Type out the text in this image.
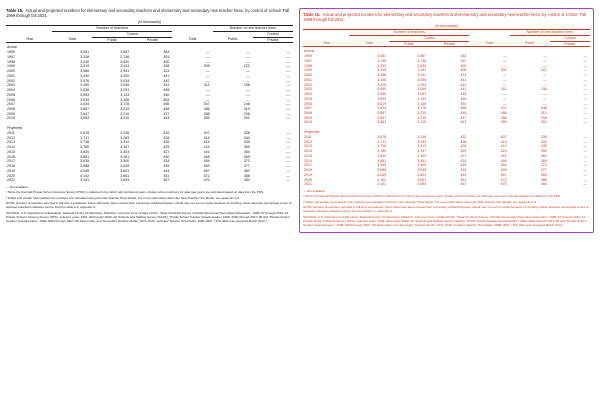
Table 15. Actual and projected numbers for elementary and secondary teachers and elementary and secondary new teacher hires, by control of school: Fall 1999 through fall 2021
[In thousands]
	Number of teachers				Number of new teacher hires	
		Control				Control
Year	Total	Public	Private	Total	Public	Private
Actual						
1999	3,051	2,667	384	—	—	—
1997	3,138	2,746	391	—	—	—
1998	3,230	2,830	400	—	—	—
1999	3,319	2,911	408	305	222	—
2000	3,366	2,941	424	—	—	—
2001	3,440	3,000	441	—	—	—
2002	3,476	3,034	442	—	—	—
2003	3,490	3,049	441	311	238	—
2004	3,536	3,091	445	—	—	—
2005	3,593	3,143	450	—	—	—
2006	3,619	3,166	453	—	—	—
2007	3,634	3,178	456	307	248	—
2008	3,667	3,219	448	386	310	—
2009	3,647	3,210	437	358	298	—
2010	3,653	3,210	443	365	301	—

Projected						
2011	3,678	3,246	432	407	338	—
2012	3,711	3,283	428	416	344	—
2013	3,738	3,312	426	414	345	—
2014	3,780	3,347	425	424	359	—
2015	3,830	3,403	427	441	364	—
2016	3,881	3,451	430	448	369	—
2017	3,935	3,500	434	454	373	—
2018	3,988	3,549	439	459	377	—
2019	4,045	3,601	444	467	383	—
2020	4,102	3,651	451	472	386	—
2021	4,151	3,694	457	470	384	—

— Not available.

¹ Since the biennial Private School Universe Survey (PSS) is collected in the fall of odd-numbered years, private school numbers for alternate years are estimated based on data from the PSS.

² Public and private new teacher hire numbers are estimated using the New Teacher Hires Model. For more information about the New Teacher Hire Model, see appendix A.3.

NOTE: Number of teachers reported in full-time equivalents. Some data have been revised from previously published figures. Detail may not sum to totals because of rounding. Mean absolute percentage errors of selected education statistics can be found in table A-2, appendix A.

SOURCE: U.S. Department of Education, National Center for Education Statistics, Common Core of Data (CCD), "State Nonfiscal Survey of Public Elementary/Secondary Education," 1998–97 through 2010–11; Private School Universe Survey (PSS), selected years, 1991–99 through 2009–10; Schools and Staffing Survey (SASS), "Public School Teacher Questionnaire," 1999–2000 through 2007–08 and "Private School Teacher Questionnaire," 1999–2000 through 2007–08; Elementary and Secondary Teacher Model, 1973–2010; and New Teacher Hire Model, 1988–2007. (This table was prepared March 2012.)

Table 15. Actual and projected numbers for elementary and secondary teachers and elementary and secondary new teacher hires, by control of school: Fall 1999 through fall 2021
[In thousands]
	Number of teachers				Number of new teacher hires	
		Control				Control
Year	Total	Public	Private	Total	Public	Private
Actual						
1999	3,051	2,667	384	—	—	—
1997	3,138	2,746	391	—	—	—
1998	3,230	2,830	400	—	—	—
1999	3,319	2,911	408	305	222	—
2000	3,366	2,941	424	—	—	—
2001	3,440	3,000	441	—	—	—
2002	3,476	3,034	442	—	—	—
2003	3,490	3,049	441	311	238	—
2004	3,536	3,091	445	—	—	—
2005	3,593	3,143	450	—	—	—
2006	3,619	3,166	453	—	—	—
2007	3,634	3,178	456	307	248	—
2008	3,667	3,219	448	386	310	—
2009	3,647	3,210	437	358	298	—
2010	3,653	3,210	443	365	301	—

Projected						
2011	3,678	3,246	432	407	338	—
2012	3,711	3,283	428	416	344	—
2013	3,738	3,312	426	414	345	—
2014	3,780	3,347	425	424	359	—
2015	3,830	3,403	427	441	364	—
2016	3,881	3,451	430	448	369	—
2017	3,935	3,500	434	454	373	—
2018	3,988	3,549	439	459	377	—
2019	4,045	3,601	444	467	383	—
2020	4,102	3,651	451	472	386	—
2021	4,151	3,694	457	470	384	—

— Not available.

¹ Since the biennial Private School Universe Survey (PSS) is collected in the fall of odd-numbered years, private school numbers for alternate years are estimated based on data from the PSS.

² Public and private new teacher hire numbers are estimated using the New Teacher Hires Model. For more information about the New Teacher Hire Model, see appendix A.3.

NOTE: Number of teachers reported in full-time equivalents. Some data have been revised from previously published figures. Detail may not sum to totals because of rounding. Mean absolute percentage errors of selected education statistics can be found in table A-2, appendix A.

SOURCE: U.S. Department of Education, National Center for Education Statistics, Common Core of Data (CCD), "State Nonfiscal Survey of Public Elementary/Secondary Education," 1998–97 through 2010–11; Private School Universe Survey (PSS), selected years, 1991–99 through 2009–10; Schools and Staffing Survey (SASS), "Public School Teacher Questionnaire," 1999–2000 through 2007–08 and "Private School Teacher Questionnaire," 1999–2000 through 2007–08; Elementary and Secondary Teacher Model, 1973–2010; and New Teacher Hire Model, 1988–2007. (This table was prepared March 2012.)
